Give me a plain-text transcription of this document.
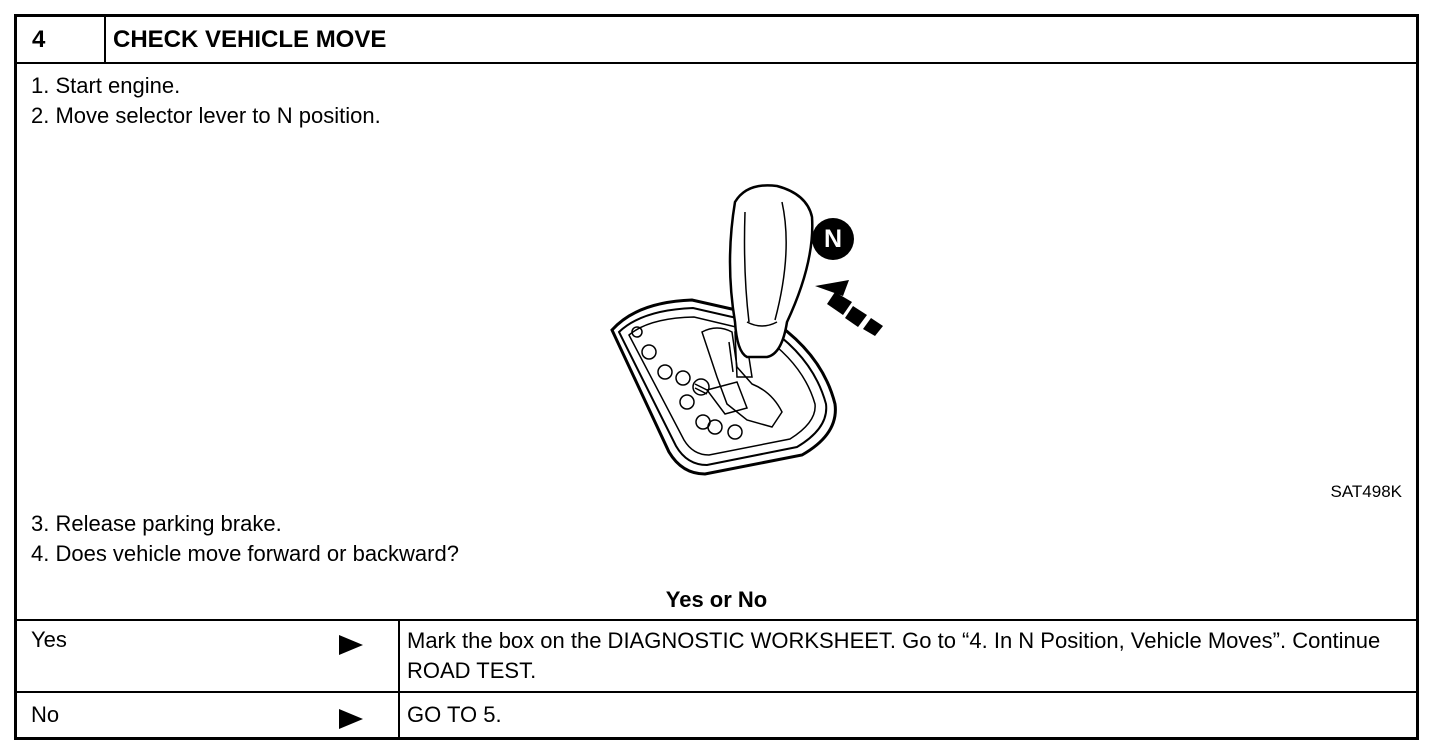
4	CHECK VEHICLE MOVE
1. Start engine.
2. Move selector lever to N position.
N
SAT498K
3. Release parking brake.
4. Does vehicle move forward or backward?
Yes or No
Yes	Mark the box on the DIAGNOSTIC WORKSHEET. Go to “4. In N Position, Vehicle Moves”. Continue ROAD TEST.
No	GO TO 5.
